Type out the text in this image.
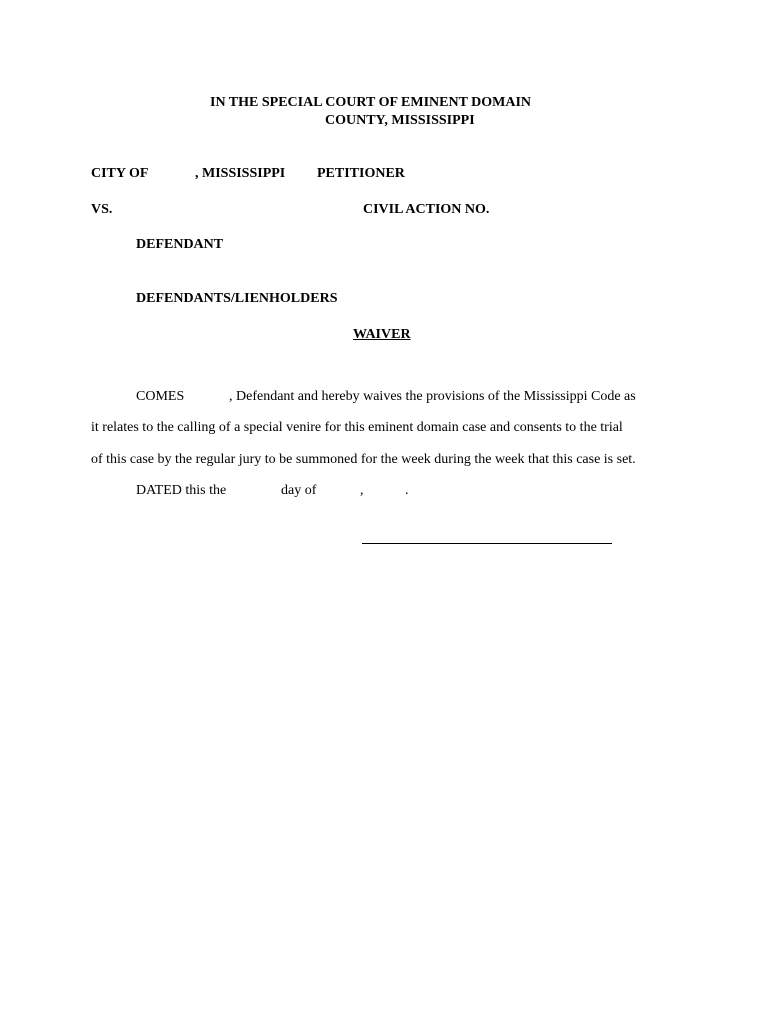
IN THE SPECIAL COURT OF EMINENT DOMAIN
COUNTY, MISSISSIPPI
CITY OF	, MISSISSIPPI PETITIONER
VS.	CIVIL ACTION NO.
DEFENDANT
DEFENDANTS/LIENHOLDERS
WAIVER
COMES	, Defendant and hereby waives the provisions of the Mississippi Code as
it relates to the calling of a special venire for this eminent domain case and consents to the trial
of this case by the regular jury to be summoned for the week during the week that this case is set.
DATED this the	day of	,	.
